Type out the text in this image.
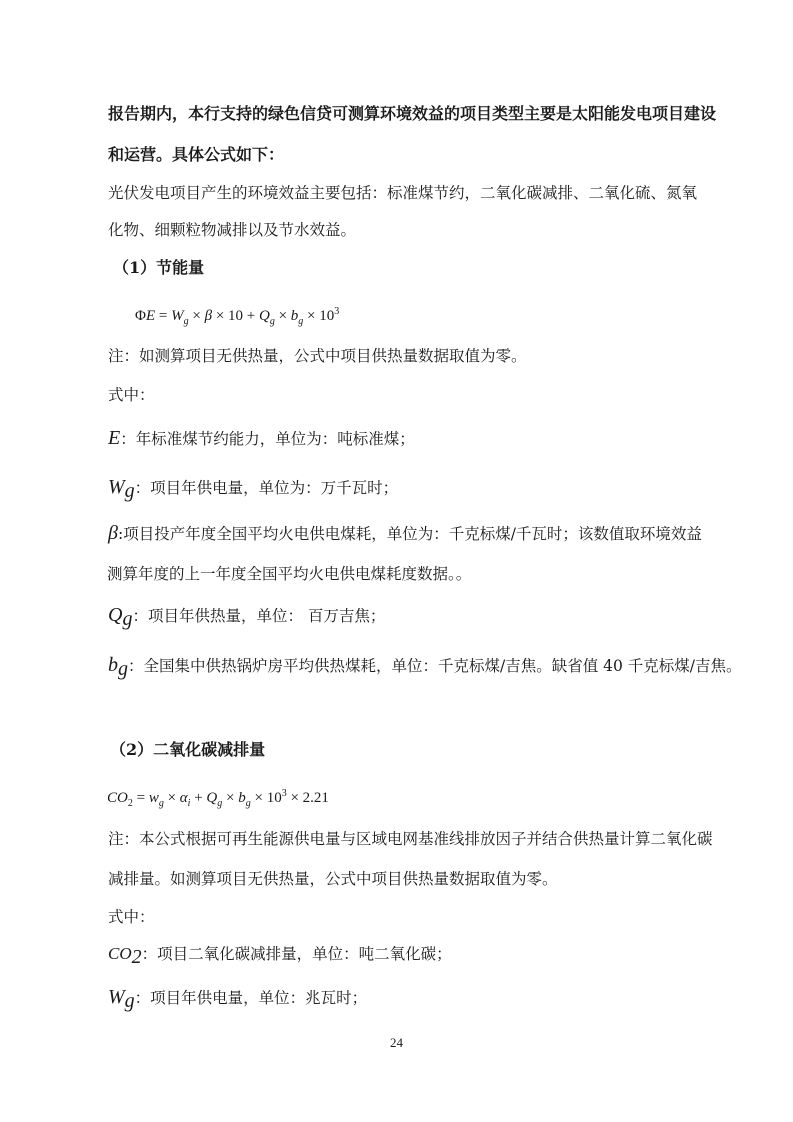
报告期内，本行支持的绿色信贷可测算环境效益的项目类型主要是太阳能发电项目建设
和运营。具体公式如下：
光伏发电项目产生的环境效益主要包括：标准煤节约，二氧化碳减排、二氧化硫、氮氧
化物、细颗粒物减排以及节水效益。
（1）节能量
$\Phi E = W_g \times \beta \times 10 + Q_g \times b_g \times 10^3$
注：如测算项目无供热量，公式中项目供热量数据取值为零。
式中：
E：年标准煤节约能力，单位为：吨标准煤；
$W_g$：项目年供电量，单位为：万千瓦时；
β:项目投产年度全国平均火电供电煤耗，单位为：千克标煤/千瓦时；该数值取环境效益
测算年度的上一年度全国平均火电供电煤耗度数据。。
$Q_g$：项目年供热量，单位： 百万吉焦；
$b_g$：全国集中供热锅炉房平均供热煤耗，单位：千克标煤/吉焦。缺省值 40 千克标煤/吉焦。
（2）二氧化碳减排量
$CO_2 = w_g \times \alpha_i + Q_g \times b_g \times 10^3 \times 2.21$
注：本公式根据可再生能源供电量与区域电网基准线排放因子并结合供热量计算二氧化碳
减排量。如测算项目无供热量，公式中项目供热量数据取值为零。
式中：
$CO_2$：项目二氧化碳减排量，单位：吨二氧化碳；
$W_g$：项目年供电量，单位：兆瓦时；
24
